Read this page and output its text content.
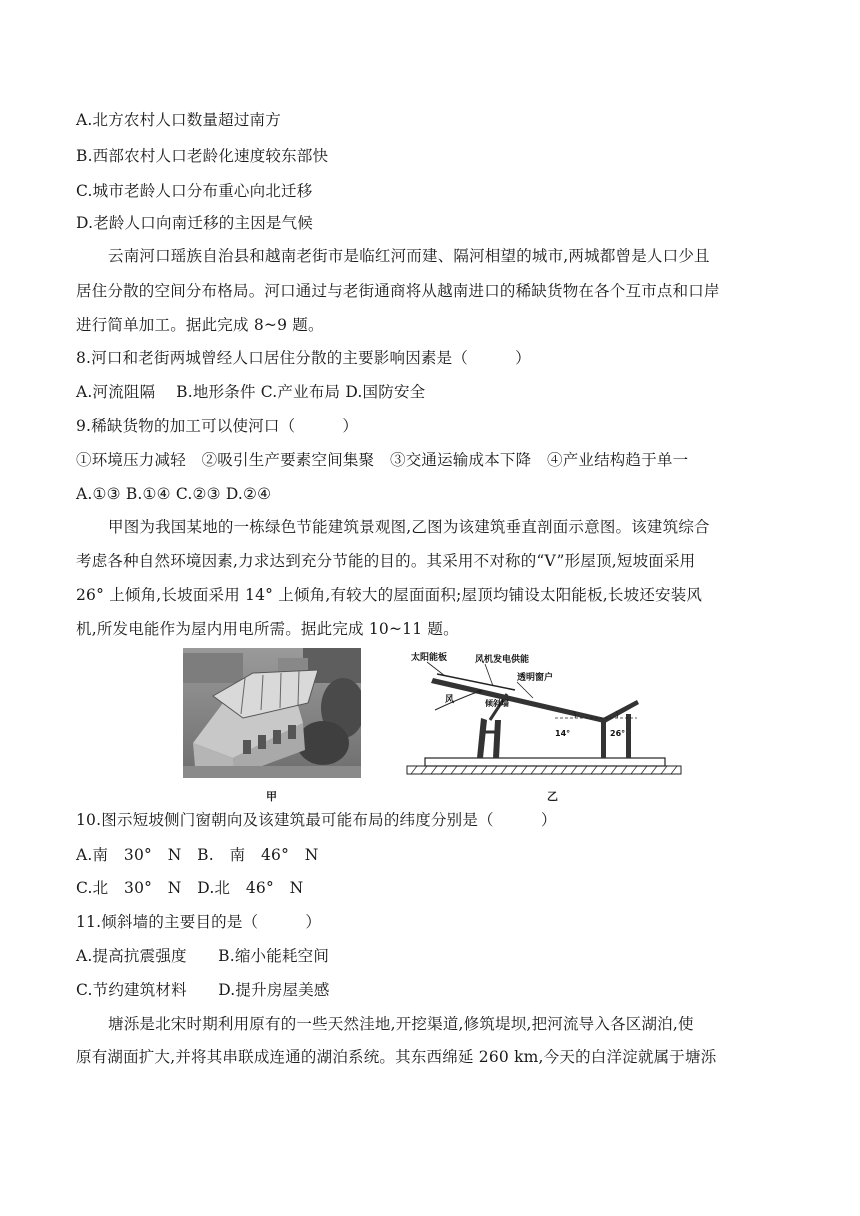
A.北方农村人口数量超过南方
B.西部农村人口老龄化速度较东部快
C.城市老龄人口分布重心向北迁移
D.老龄人口向南迁移的主因是气候
云南河口瑶族自治县和越南老街市是临红河而建、隔河相望的城市,两城都曾是人口少且
居住分散的空间分布格局。河口通过与老街通商将从越南进口的稀缺货物在各个互市点和口岸
进行简单加工。据此完成 8~9 题。
8.河口和老街两城曾经人口居住分散的主要影响因素是（　　　）
A.河流阻隔　 B.地形条件 C.产业布局 D.国防安全
9.稀缺货物的加工可以使河口（　　　）
①环境压力减轻　②吸引生产要素空间集聚　③交通运输成本下降　④产业结构趋于单一
A.①③ B.①④ C.②③ D.②④
甲图为我国某地的一栋绿色节能建筑景观图,乙图为该建筑垂直剖面示意图。该建筑综合
考虑各种自然环境因素,力求达到充分节能的目的。其采用不对称的“V”形屋顶,短坡面采用
26° 上倾角,长坡面采用 14° 上倾角,有较大的屋面面积;屋顶均铺设太阳能板,长坡还安装风
机,所发电能作为屋内用电所需。据此完成 10~11 题。
10.图示短坡侧门窗朝向及该建筑最可能布局的纬度分别是（　　　）
A.南　30°　N　B.　南　46°　N
C.北　30°　N　D.北　46°　N
11.倾斜墙的主要目的是（　　　）
A.提高抗震强度　　B.缩小能耗空间
C.节约建筑材料　　D.提升房屋美感
塘泺是北宋时期利用原有的一些天然洼地,开挖渠道,修筑堤坝,把河流导入各区湖泊,使
原有湖面扩大,并将其串联成连通的湖泊系统。其东西绵延 260 km,今天的白洋淀就属于塘泺
甲
太阳能板	风机发电供能
透明窗户
风	倾斜墙
14°	26°
乙
